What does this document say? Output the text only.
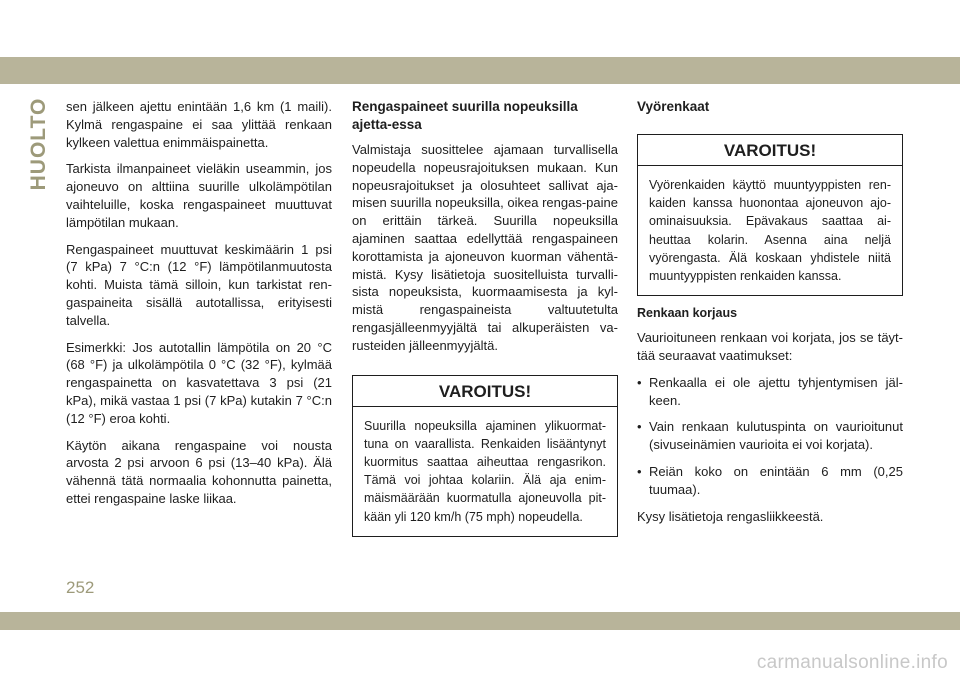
HUOLTO sen jälkeen ajettu enintään 1,6 km (1 maili). Kylmä rengaspaine ei saa ylittää renkaan kylkeen valettua enimmäispainetta.

Tarkista ilmanpaineet vieläkin useammin, jos ajoneuvo on alttiina suurille ulkolämpötilan vaihteluille, koska rengaspaineet muuttuvat lämpötilan mukaan.

Rengaspaineet muuttuvat keskimäärin 1 psi (7 kPa) 7 °C:n (12 °F) lämpötilanmuutosta kohti. Muista tämä silloin, kun tarkistat ren-gaspaineita sisällä autotallissa, erityisesti talvella.

Esimerkki: Jos autotallin lämpötila on 20 °C (68 °F) ja ulkolämpötila 0 °C (32 °F), kylmää rengaspainetta on kasvatettava 3 psi (21 kPa), mikä vastaa 1 psi (7 kPa) kutakin 7 °C:n (12 °F) eroa kohti.

Käytön aikana rengaspaine voi nousta arvosta 2 psi arvoon 6 psi (13–40 kPa). Älä vähennä tätä normaalia kohonnutta painetta, ettei rengaspaine laske liikaa.

Rengaspaineet suurilla nopeuksilla ajetta-essa

Valmistaja suosittelee ajamaan turvallisella nopeudella nopeusrajoituksen mukaan. Kun nopeusrajoitukset ja olosuhteet sallivat aja-misen suurilla nopeuksilla, oikea rengas-paine on erittäin tärkeä. Suurilla nopeuksilla ajaminen saattaa edellyttää rengaspaineen korottamista ja ajoneuvon kuorman vähentä-mistä. Kysy lisätietoja suositelluista turvalli-sista nopeuksista, kuormaamisesta ja kyl-mistä rengaspaineista valtuutetulta rengasjälleenmyyjältä tai alkuperäisten va-rusteiden jälleenmyyjältä.

VAROITUS!

Suurilla nopeuksilla ajaminen ylikuormat-tuna on vaarallista. Renkaiden lisääntynyt kuormitus saattaa aiheuttaa rengasrikon. Tämä voi johtaa kolariin. Älä aja enim-mäismäärään kuormatulla ajoneuvolla pit-kään yli 120 km/h (75 mph) nopeudella.

Vyörenkaat
VAROITUS!

Vyörenkaiden käyttö muuntyyppisten ren-kaiden kanssa huonontaa ajoneuvon ajo-ominaisuuksia. Epävakaus saattaa ai-heuttaa kolarin. Asenna aina neljä vyörengasta. Älä koskaan yhdistele niitä muuntyyppisten renkaiden kanssa.

Renkaan korjaus

Vaurioituneen renkaan voi korjata, jos se täyt-tää seuraavat vaatimukset:

• Renkaalla ei ole ajettu tyhjentymisen jäl-keen.
• Vain renkaan kulutuspinta on vaurioitunut (sivuseinämien vaurioita ei voi korjata).
• Reiän koko on enintään 6 mm (0,25 tuumaa).

Kysy lisätietoja rengasliikkeestä.

252
carmanualsonline.info
